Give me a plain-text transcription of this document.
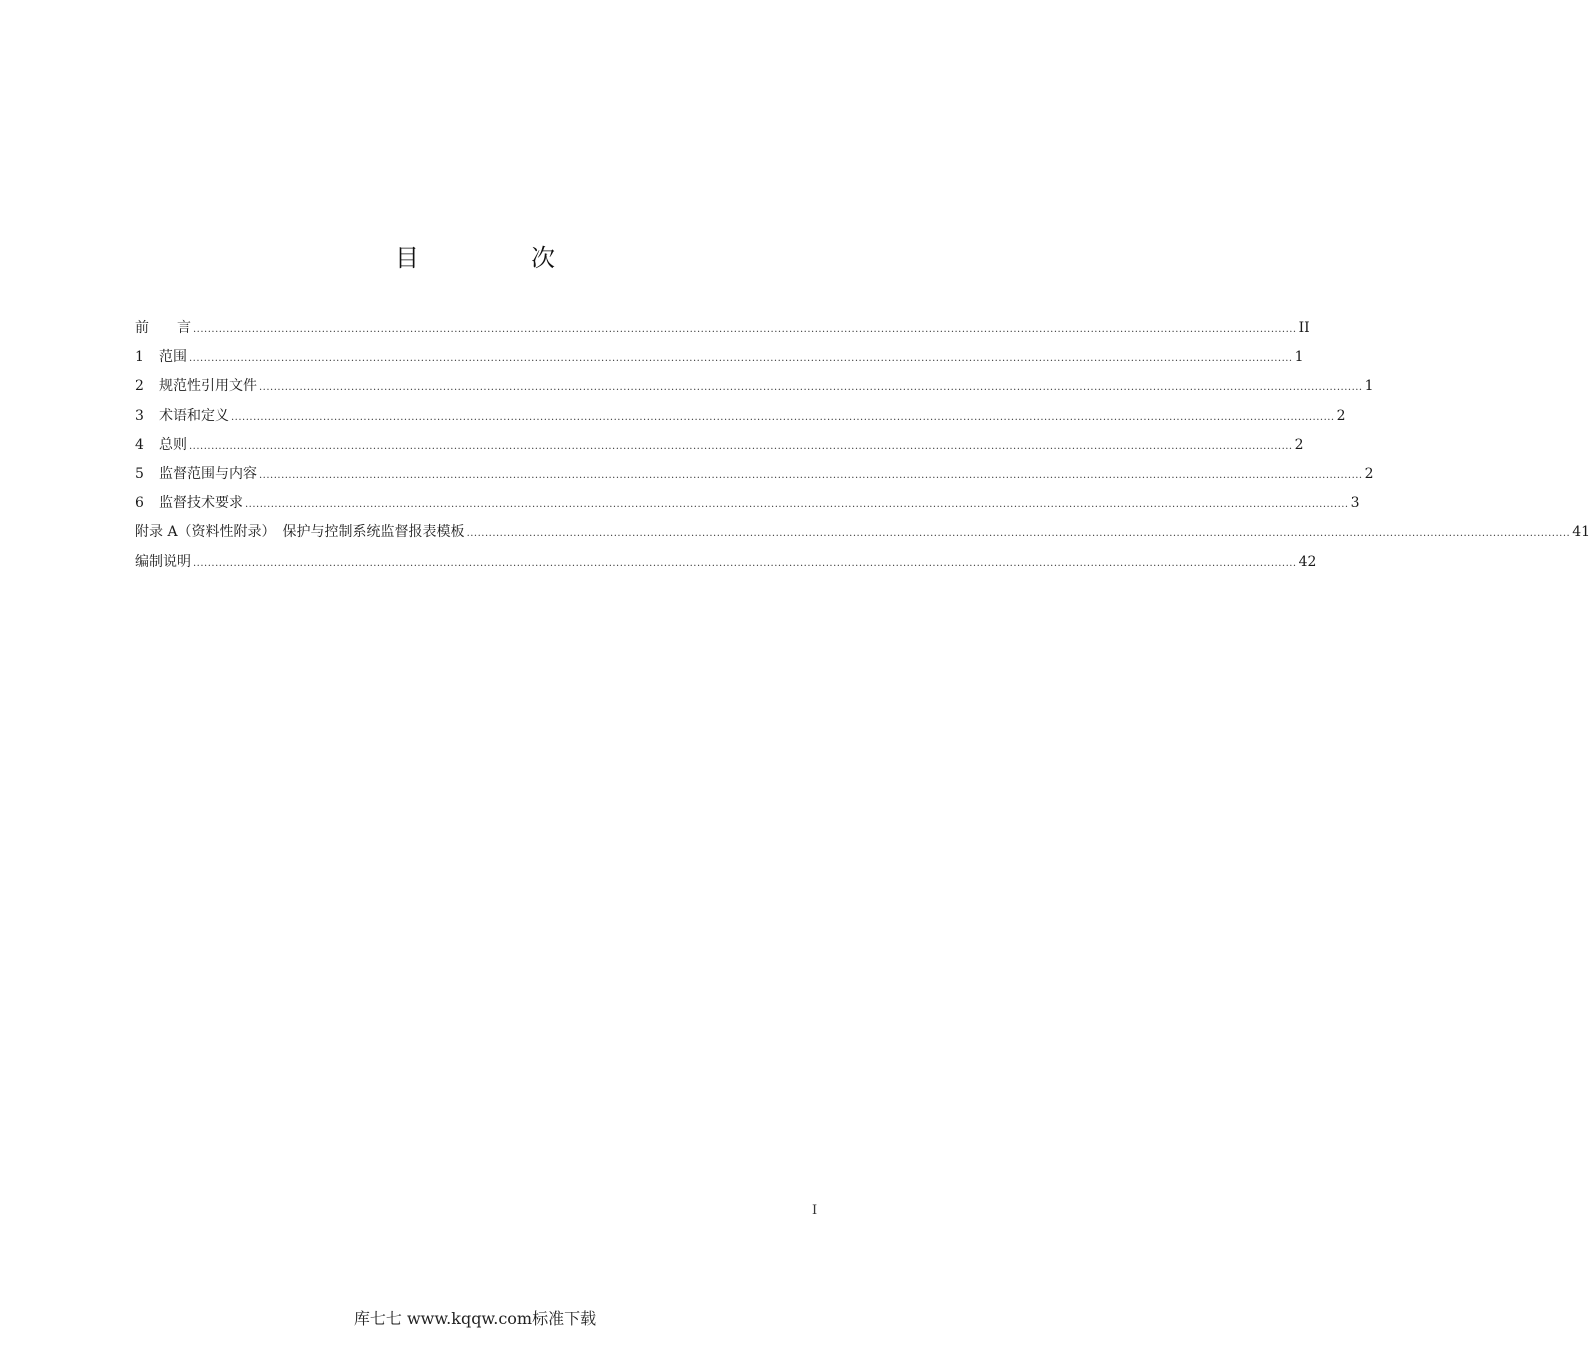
目　次
前　　言 ............................................................................................................................................................................................................................................................................................................ II
1	范围 ............................................................................................................................................................................................................................................................................................................ 1
2	规范性引用文件 ............................................................................................................................................................................................................................................................................................................ 1
3	术语和定义 ............................................................................................................................................................................................................................................................................................................ 2
4	总则 ............................................................................................................................................................................................................................................................................................................ 2
5	监督范围与内容 ............................................................................................................................................................................................................................................................................................................ 2
6	监督技术要求 ............................................................................................................................................................................................................................................................................................................ 3
附录 A（资料性附录）　保护与控制系统监督报表模板 ............................................................................................................................................................................................................................................................................................................ 41
编制说明 ............................................................................................................................................................................................................................................................................................................ 42
I
库七七 www.kqqw.com标准下载
